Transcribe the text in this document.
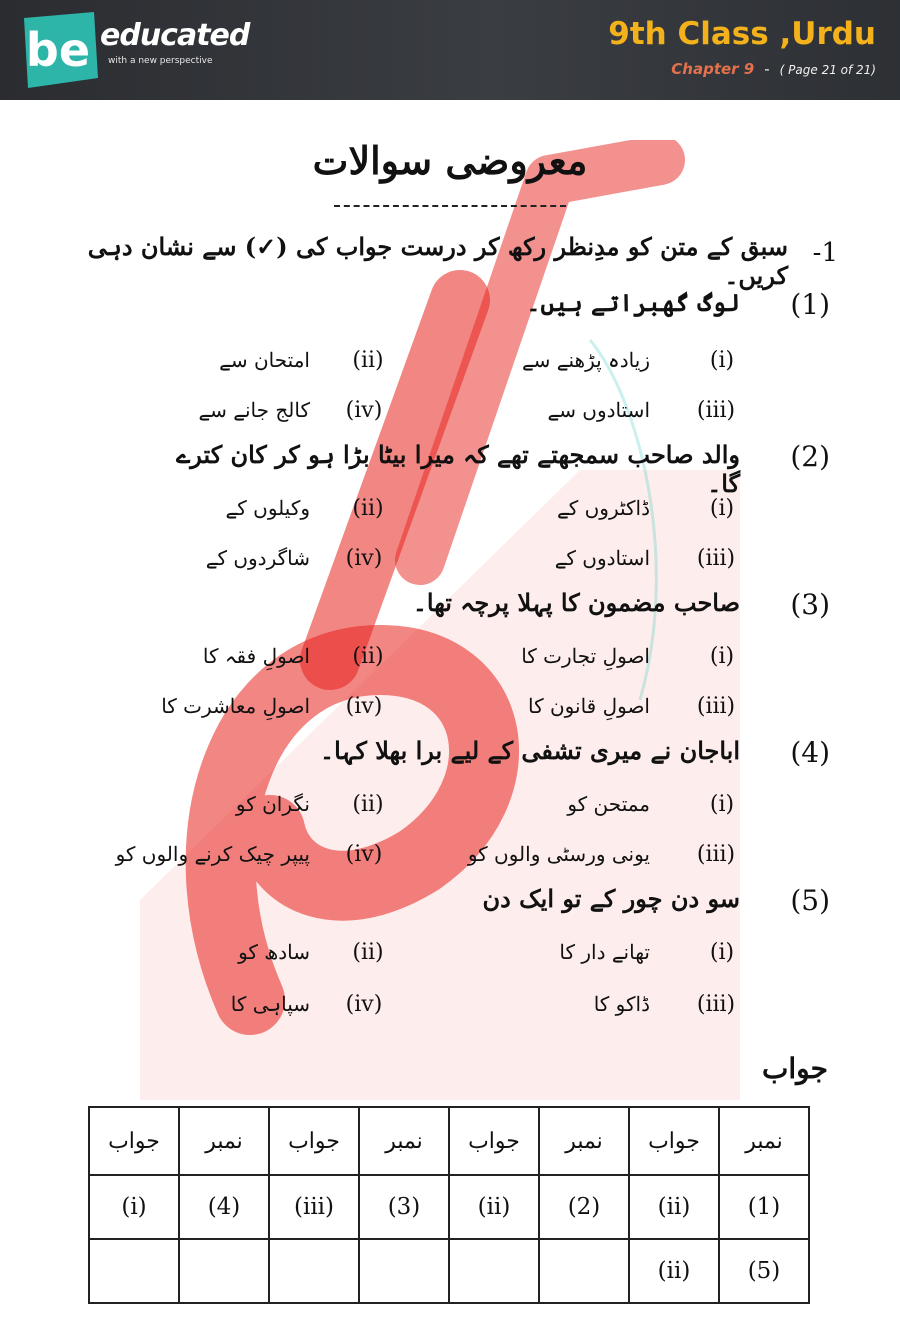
be educated
with a new perspective
9th Class ,Urdu
Chapter 9 - ( Page 21 of 21)
معروضی سوالات
-1
سبق کے متن کو مدِنظر رکھ کر درست جواب کی (✓) سے نشان دہی کریں۔
(1)
لوگ گھبراتے ہیں۔
(i)
زیادہ پڑھنے سے
(ii)
امتحان سے
(iii)
استادوں سے
(iv)
کالج جانے سے
(2)
والد صاحب سمجھتے تھے کہ میرا بیٹا بڑا ہو کر کان کترے گا۔
(i)
ڈاکٹروں کے
(ii)
وکیلوں کے
(iii)
استادوں کے
(iv)
شاگردوں کے
(3)
صاحب مضمون کا پہلا پرچہ تھا۔
(i)
اصولِ تجارت کا
(ii)
اصولِ فقہ کا
(iii)
اصولِ قانون کا
(iv)
اصولِ معاشرت کا
(4)
اباجان نے میری تشفی کے لیے برا بھلا کہا۔
(i)
ممتحن کو
(ii)
نگران کو
(iii)
یونی ورسٹی والوں کو
(iv)
پیپر چیک کرنے والوں کو
(5)
سو دن چور کے تو ایک دن
(i)
تھانے دار کا
(ii)
سادھ کو
(iii)
ڈاکو کا
(iv)
سپاہی کا
جواب
جواب	نمبر	جواب	نمبر	جواب	نمبر	جواب	نمبر
(i)	(4)	(iii)	(3)	(ii)	(2)	(ii)	(1)
						(ii)	(5)
